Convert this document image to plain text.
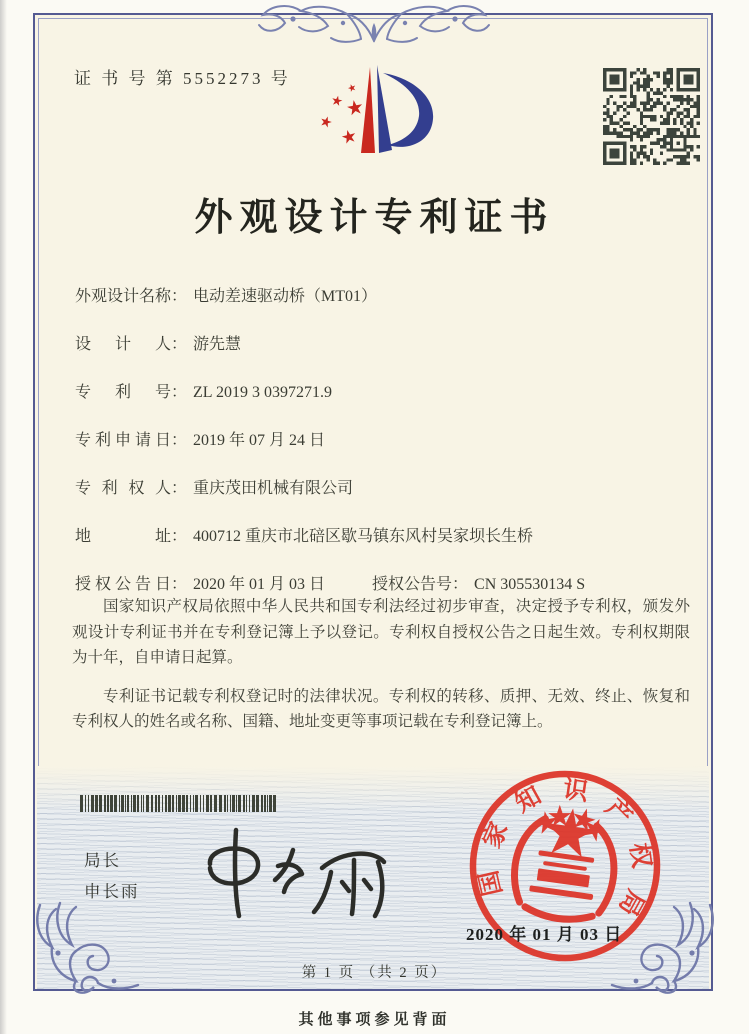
证 书 号 第 5552273 号
外观设计专利证书
外观设计名称： 电动差速驱动桥（MT01）
设计人： 游先慧
专利号： ZL 2019 3 0397271.9
专利申请日： 2019 年 07 月 24 日
专利权人： 重庆茂田机械有限公司
地址： 400712 重庆市北碚区歇马镇东风村吴家坝长生桥
授权公告日： 2020 年 01 月 03 日	授权公告号： CN 305530134 S

国家知识产权局依照中华人民共和国专利法经过初步审查，决定授予专利权，颁发外观设计专利证书并在专利登记簿上予以登记。专利权自授权公告之日起生效。专利权期限为十年，自申请日起算。

专利证书记载专利权登记时的法律状况。专利权的转移、质押、无效、终止、恢复和专利权人的姓名或名称、国籍、地址变更等事项记载在专利登记簿上。

局长
申长雨	国
家
知 识
产
权
局
2020 年 01 月 03 日
第 1 页 （共 2 页）
其他事项参见背面
